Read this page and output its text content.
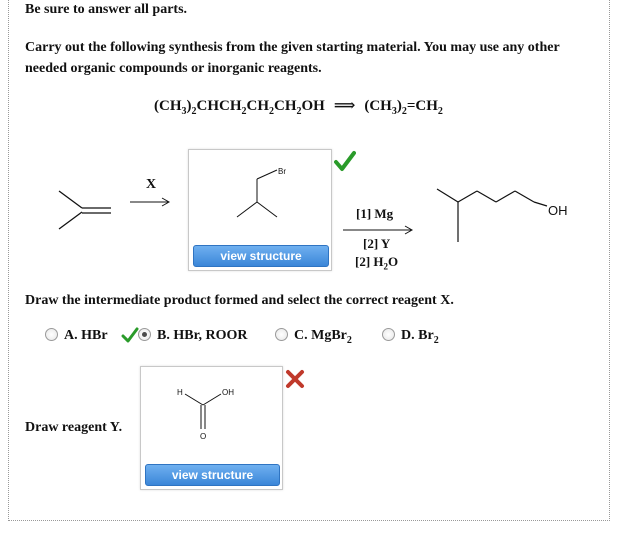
Be sure to answer all parts.
Carry out the following synthesis from the given starting material. You may use any other needed organic compounds or inorganic reagents.
$(CH_3)_2CHCH_2CH_2CH_2OH$ ⟹ $(CH_3)_2=CH_2$
X
Br
view structure
[1] Mg
[2] Y
[2] $H_2O$
OH
Draw the intermediate product formed and select the correct reagent X.
A. HBr	B. HBr, ROOR	C. MgBr$_2$	D. $Br_2$
Draw reagent Y.
H	OH
O
view structure
